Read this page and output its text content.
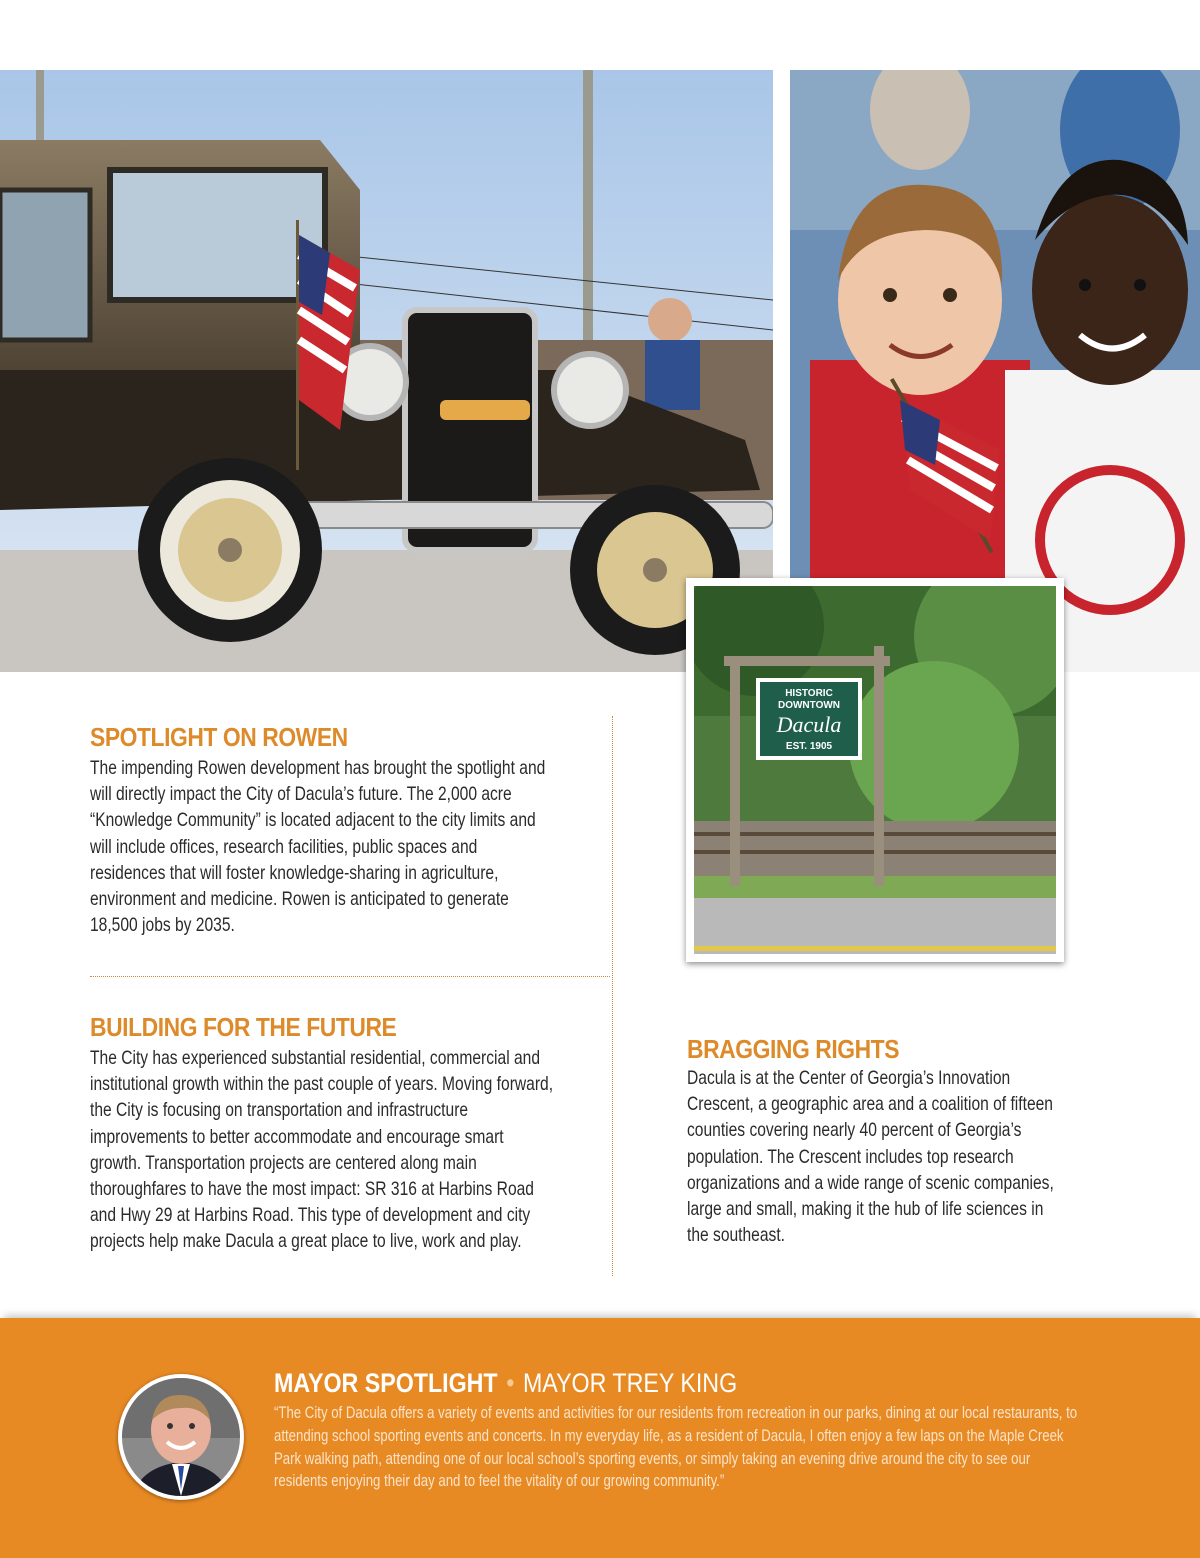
HISTORIC
DOWNTOWN
Dacula
EST. 1905
SPOTLIGHT ON ROWEN

The impending Rowen development has brought the spotlight and will directly impact the City of Dacula’s future. The 2,000 acre “Knowledge Community” is located adjacent to the city limits and will include offices, research facilities, public spaces and residences that will foster knowledge-sharing in agriculture, environment and medicine. Rowen is anticipated to generate 18,500 jobs by 2035.

BUILDING FOR THE FUTURE

The City has experienced substantial residential, commercial and institutional growth within the past couple of years. Moving forward, the City is focusing on transportation and infrastructure improvements to better accommodate and encourage smart growth. Transportation projects are centered along main thoroughfares to have the most impact: SR 316 at Harbins Road and Hwy 29 at Harbins Road. This type of development and city projects help make Dacula a great place to live, work and play.

BRAGGING RIGHTS

Dacula is at the Center of Georgia’s Innovation Crescent, a geographic area and a coalition of fifteen counties covering nearly 40 percent of Georgia’s population. The Crescent includes top research organizations and a wide range of scenic companies, large and small, making it the hub of life sciences in the southeast.

MAYOR SPOTLIGHT • MAYOR TREY KING

“The City of Dacula offers a variety of events and activities for our residents from recreation in our parks, dining at our local restaurants, to attending school sporting events and concerts. In my everyday life, as a resident of Dacula, I often enjoy a few laps on the Maple Creek Park walking path, attending one of our local school’s sporting events, or simply taking an evening drive around the city to see our residents enjoying their day and to feel the vitality of our growing community.”
